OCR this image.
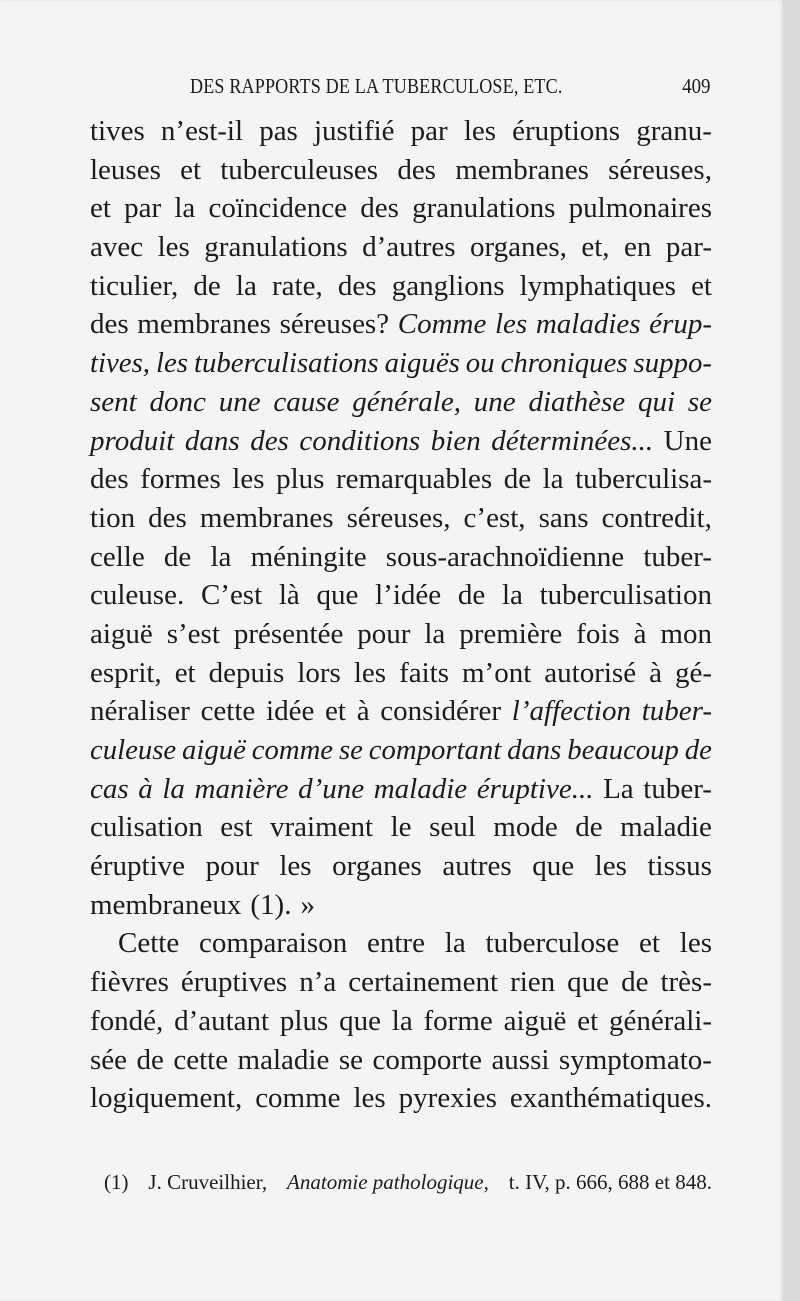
DES RAPPORTS DE LA TUBERCULOSE, ETC.	409
tives n’est-il pas justifié par les éruptions granu-
leuses et tuberculeuses des membranes séreuses,
et par la coïncidence des granulations pulmonaires
avec les granulations d’autres organes, et, en par-
ticulier, de la rate, des ganglions lymphatiques et
des membranes séreuses? Comme les maladies érup-
tives, les tuberculisations aiguës ou chroniques suppo-
sent donc une cause générale, une diathèse qui se
produit dans des conditions bien déterminées... Une
des formes les plus remarquables de la tuberculisa-
tion des membranes séreuses, c’est, sans contredit,
celle de la méningite sous-arachnoïdienne tuber-
culeuse. C’est là que l’idée de la tuberculisation
aiguë s’est présentée pour la première fois à mon
esprit, et depuis lors les faits m’ont autorisé à gé-
néraliser cette idée et à considérer l’affection tuber-
culeuse aiguë comme se comportant dans beaucoup de
cas à la manière d’une maladie éruptive... La tuber-
culisation est vraiment le seul mode de maladie
éruptive pour les organes autres que les tissus
membraneux (1). »
Cette comparaison entre la tuberculose et les
fièvres éruptives n’a certainement rien que de très-
fondé, d’autant plus que la forme aiguë et générali-
sée de cette maladie se comporte aussi symptomato-
logiquement, comme les pyrexies exanthématiques.
(1) J. Cruveilhier, Anatomie pathologique, t. IV, p. 666, 688 et 848.
